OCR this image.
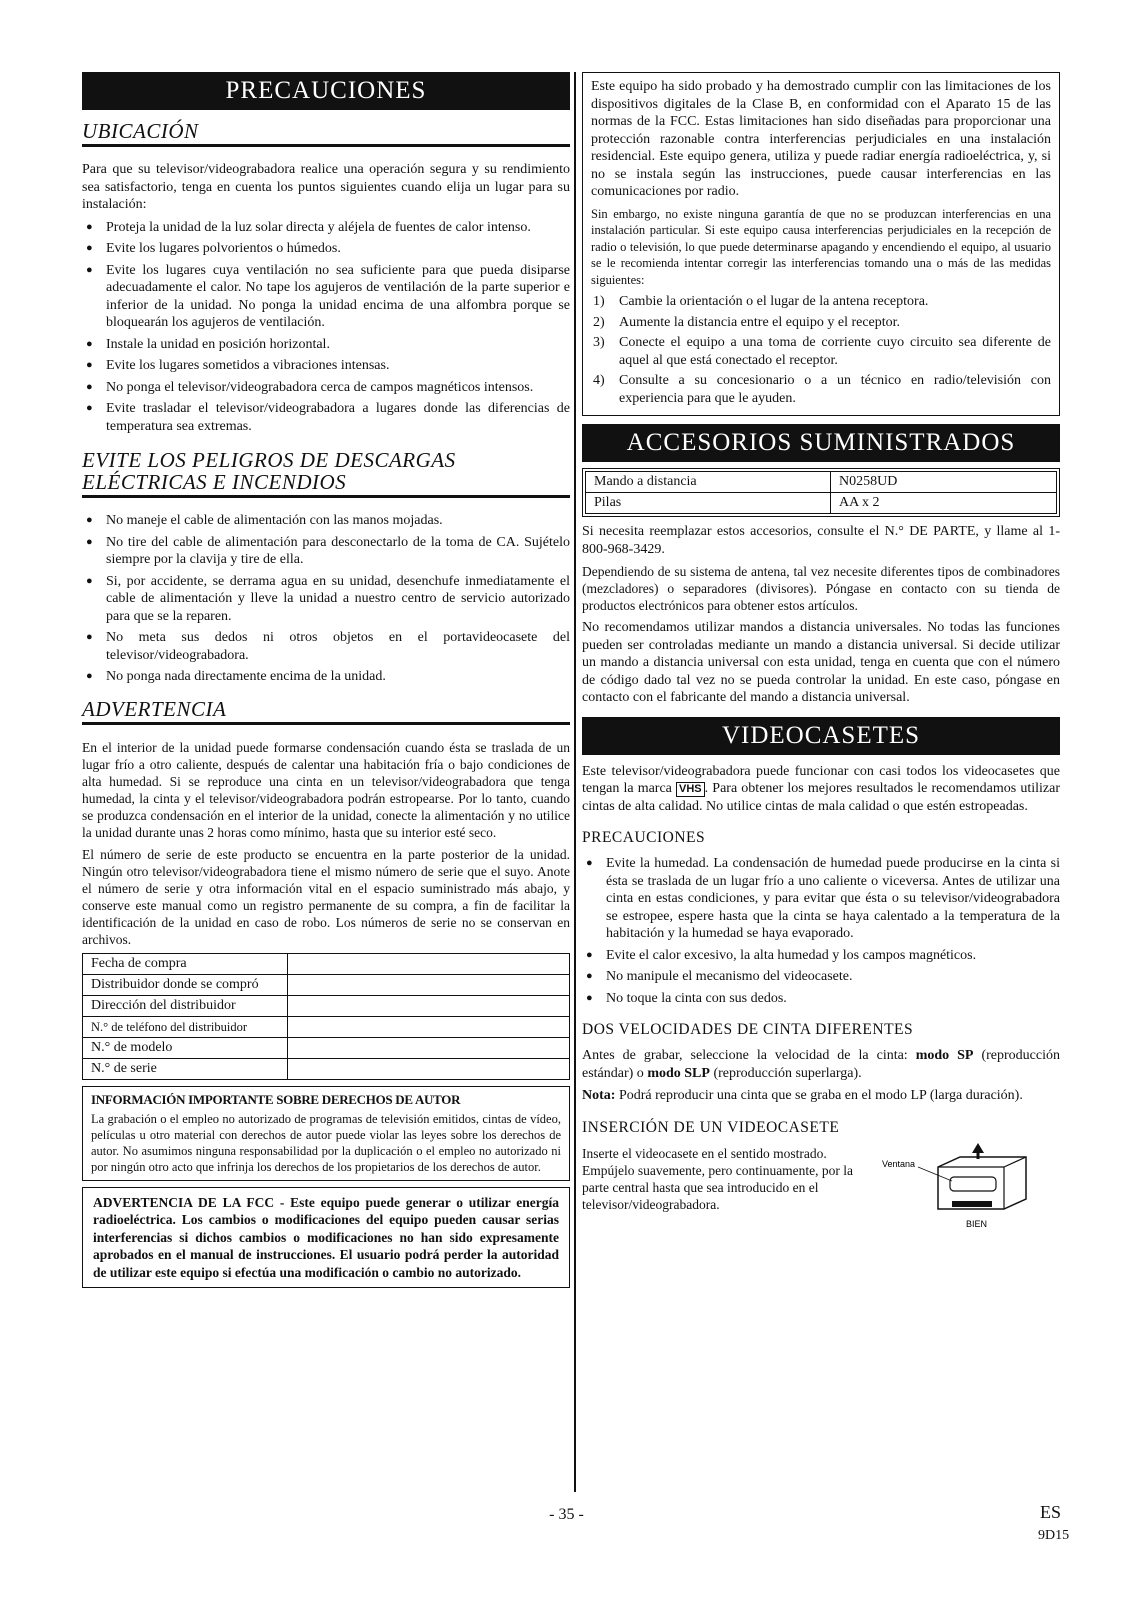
PRECAUCIONES
UBICACIÓN

Para que su televisor/videograbadora realice una operación segura y su rendimiento sea satisfactorio, tenga en cuenta los puntos siguientes cuando elija un lugar para su instalación:

● Proteja la unidad de la luz solar directa y aléjela de fuentes de calor intenso.
● Evite los lugares polvorientos o húmedos.
● Evite los lugares cuya ventilación no sea suficiente para que pueda disiparse adecuadamente el calor. No tape los agujeros de ventilación de la parte superior e inferior de la unidad. No ponga la unidad encima de una alfombra porque se bloquearán los agujeros de ventilación.
● Instale la unidad en posición horizontal.
● Evite los lugares sometidos a vibraciones intensas.
● No ponga el televisor/videograbadora cerca de campos magnéticos intensos.
● Evite trasladar el televisor/videograbadora a lugares donde las diferencias de temperatura sea extremas.
EVITE LOS PELIGROS DE DESCARGAS
ELÉCTRICAS E INCENDIOS
● No maneje el cable de alimentación con las manos mojadas.
● No tire del cable de alimentación para desconectarlo de la toma de CA. Sujételo siempre por la clavija y tire de ella.
● Si, por accidente, se derrama agua en su unidad, desenchufe inmediatamente el cable de alimentación y lleve la unidad a nuestro centro de servicio autorizado para que se la reparen.
● No meta sus dedos ni otros objetos en el portavideocasete del televisor/videograbadora.
● No ponga nada directamente encima de la unidad.
ADVERTENCIA

En el interior de la unidad puede formarse condensación cuando ésta se traslada de un lugar frío a otro caliente, después de calentar una habitación fría o bajo condiciones de alta humedad. Si se reproduce una cinta en un televisor/videograbadora que tenga humedad, la cinta y el televisor/videograbadora podrán estropearse. Por lo tanto, cuando se produzca condensación en el interior de la unidad, conecte la alimentación y no utilice la unidad durante unas 2 horas como mínimo, hasta que su interior esté seco.

El número de serie de este producto se encuentra en la parte posterior de la unidad. Ningún otro televisor/videograbadora tiene el mismo número de serie que el suyo. Anote el número de serie y otra información vital en el espacio suministrado más abajo, y conserve este manual como un registro permanente de su compra, a fin de facilitar la identificación de la unidad en caso de robo. Los números de serie no se conservan en archivos.

Fecha de compra	
Distribuidor donde se compró	
Dirección del distribuidor	
N.° de teléfono del distribuidor	
N.° de modelo	
N.° de serie	
INFORMACIÓN IMPORTANTE SOBRE DERECHOS DE AUTOR

La grabación o el empleo no autorizado de programas de televisión emitidos, cintas de vídeo, películas u otro material con derechos de autor puede violar las leyes sobre los derechos de autor. No asumimos ninguna responsabilidad por la duplicación o el empleo no autorizado ni por ningún otro acto que infrinja los derechos de los propietarios de los derechos de autor.

ADVERTENCIA DE LA FCC - Este equipo puede generar o utilizar energía radioeléctrica. Los cambios o modificaciones del equipo pueden causar serias interferencias si dichos cambios o modificaciones no han sido expresamente aprobados en el manual de instrucciones. El usuario podrá perder la autoridad de utilizar este equipo si efectúa una modificación o cambio no autorizado.

Este equipo ha sido probado y ha demostrado cumplir con las limitaciones de los dispositivos digitales de la Clase B, en conformidad con el Aparato 15 de las normas de la FCC. Estas limitaciones han sido diseñadas para proporcionar una protección razonable contra interferencias perjudiciales en una instalación residencial. Este equipo genera, utiliza y puede radiar energía radioeléctrica, y, si no se instala según las instrucciones, puede causar interferencias en las comunicaciones por radio.

Sin embargo, no existe ninguna garantía de que no se produzcan interferencias en una instalación particular. Si este equipo causa interferencias perjudiciales en la recepción de radio o televisión, lo que puede determinarse apagando y encendiendo el equipo, al usuario se le recomienda intentar corregir las interferencias tomando una o más de las medidas siguientes:

1) Cambie la orientación o el lugar de la antena receptora.
2) Aumente la distancia entre el equipo y el receptor.
3) Conecte el equipo a una toma de corriente cuyo circuito sea diferente de aquel al que está conectado el receptor.
4) Consulte a su concesionario o a un técnico en radio/televisión con experiencia para que le ayuden.
ACCESORIOS SUMINISTRADOS
Mando a distancia	N0258UD
Pilas	AA x 2

Si necesita reemplazar estos accesorios, consulte el N.° DE PARTE, y llame al 1-800-968-3429.

Dependiendo de su sistema de antena, tal vez necesite diferentes tipos de combinadores (mezcladores) o separadores (divisores). Póngase en contacto con su tienda de productos electrónicos para obtener estos artículos.

No recomendamos utilizar mandos a distancia universales. No todas las funciones pueden ser controladas mediante un mando a distancia universal. Si decide utilizar un mando a distancia universal con esta unidad, tenga en cuenta que con el número de código dado tal vez no se pueda controlar la unidad. En este caso, póngase en contacto con el fabricante del mando a distancia universal.

VIDEOCASETES

Este televisor/videograbadora puede funcionar con casi todos los videocasetes que tengan la marca VHS . Para obtener los mejores resultados le recomendamos utilizar cintas de alta calidad. No utilice cintas de mala calidad o que estén estropeadas.

PRECAUCIONES
● Evite la humedad. La condensación de humedad puede producirse en la cinta si ésta se traslada de un lugar frío a uno caliente o viceversa. Antes de utilizar una cinta en estas condiciones, y para evitar que ésta o su televisor/videograbadora se estropee, espere hasta que la cinta se haya calentado a la temperatura de la habitación y la humedad se haya evaporado.
● Evite el calor excesivo, la alta humedad y los campos magnéticos.
● No manipule el mecanismo del videocasete.
● No toque la cinta con sus dedos.
DOS VELOCIDADES DE CINTA DIFERENTES

Antes de grabar, seleccione la velocidad de la cinta: modo SP (reproducción estándar) o modo SLP (reproducción superlarga).

Nota: Podrá reproducir una cinta que se graba en el modo LP (larga duración).

INSERCIÓN DE UN VIDEOCASETE

Inserte el videocasete en el sentido mostrado. Empújelo suavemente, pero continuamente, por la parte central hasta que sea introducido en el televisor/videograbadora.

Ventana
BIEN
- 35 -	ES
9D15
